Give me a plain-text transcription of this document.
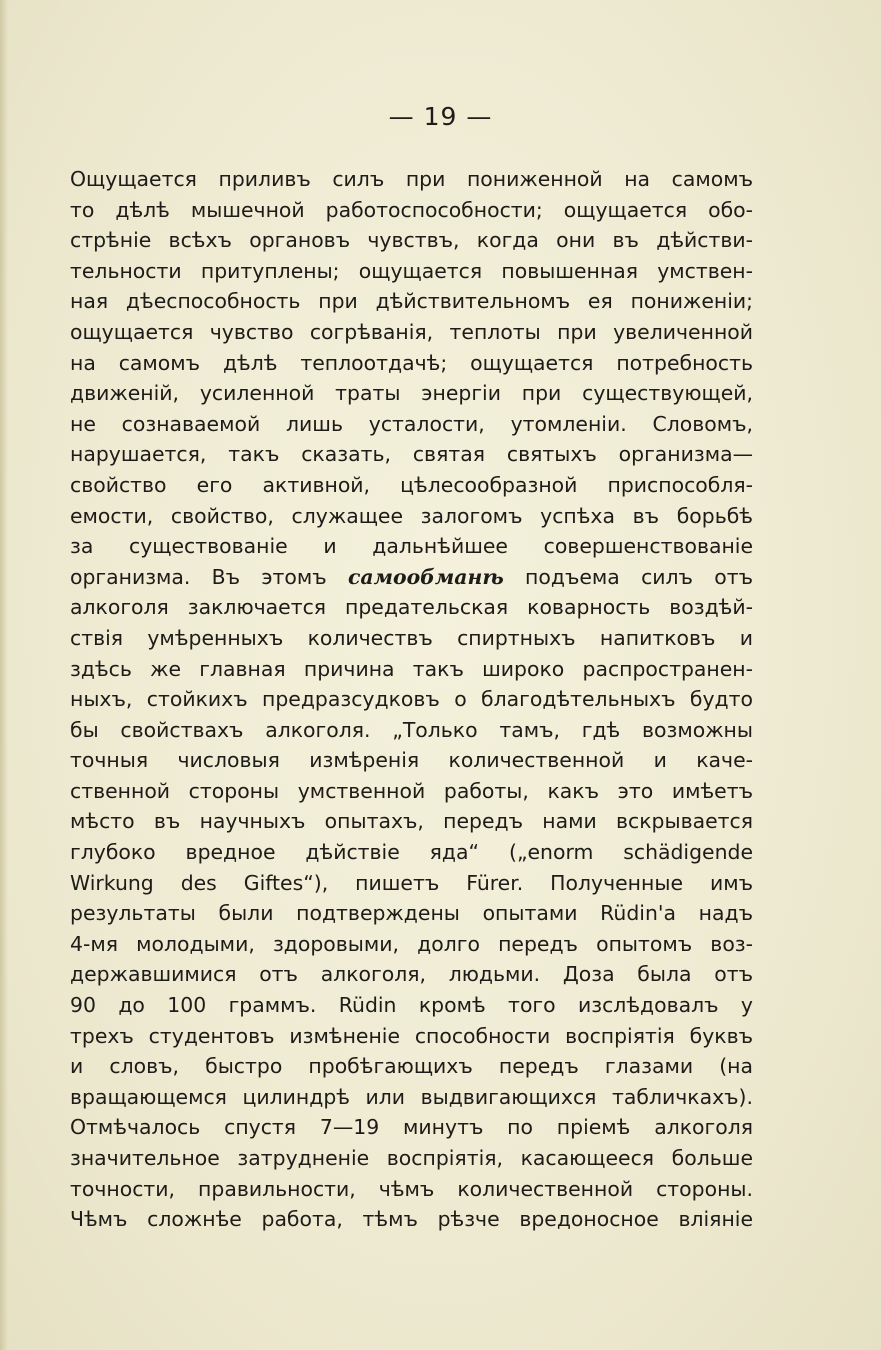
— 19 —
Ощущается приливъ силъ при пониженной на самомъ
то дѣлѣ мышечной работоспособности; ощущается обо-
стрѣнiе всѣхъ органовъ чувствъ, когда они въ дѣйстви-
тельности притуплены; ощущается повышенная умствен-
ная дѣеспособность при дѣйствительномъ ея пониженiи;
ощущается чувство согрѣванiя, теплоты при увеличенной
на самомъ дѣлѣ теплоотдачѣ; ощущается потребность
движенiй, усиленной траты энергiи при существующей,
не сознаваемой лишь усталости, утомленiи. Словомъ,
нарушается, такъ сказать, святая святыхъ организма—
свойство его активной, цѣлесообразной приспособля-
емости, свойство, служащее залогомъ успѣха въ борьбѣ
за существованiе и дальнѣйшее совершенствованiе
организма. Въ этомъ самообманѣ подъема силъ отъ
алкоголя заключается предательская коварность воздѣй-
ствiя умѣренныхъ количествъ спиртныхъ напитковъ и
здѣсь же главная причина такъ широко распространен-
ныхъ, стойкихъ предразсудковъ о благодѣтельныхъ будто
бы свойствахъ алкоголя. „Только тамъ, гдѣ возможны
точныя числовыя измѣренiя количественной и каче-
ственной стороны умственной работы, какъ это имѣетъ
мѣсто въ научныхъ опытахъ, передъ нами вскрывается
глубоко вредное дѣйствiе яда“ („enorm schädigende
Wirkung des Giftes“), пишетъ Fürer. Полученные имъ
результаты были подтверждены опытами Rüdin'а надъ
4-мя молодыми, здоровыми, долго передъ опытомъ воз-
державшимися отъ алкоголя, людьми. Доза была отъ
90 до 100 граммъ. Rüdin кромѣ того изслѣдовалъ у
трехъ студентовъ измѣненiе способности воспрiятiя буквъ
и словъ, быстро пробѣгающихъ передъ глазами (на
вращающемся цилиндрѣ или выдвигающихся табличкахъ).
Отмѣчалось спустя 7—19 минутъ по прiемѣ алкоголя
значительное затрудненiе воспрiятiя, касающееся больше
точности, правильности, чѣмъ количественной стороны.
Чѣмъ сложнѣе работа, тѣмъ рѣзче вредоносное влiянiе
